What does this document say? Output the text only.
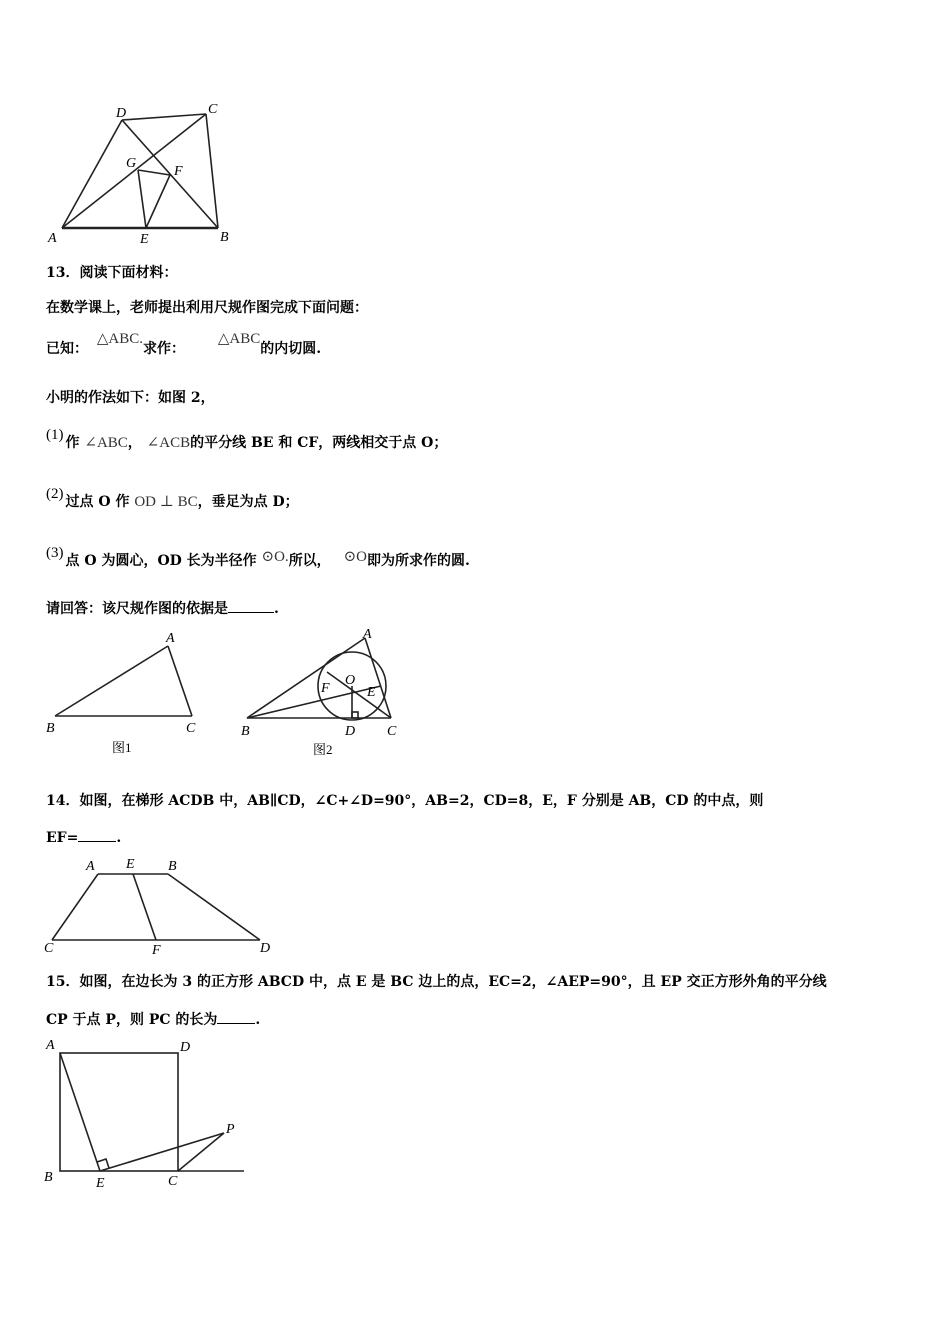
A	B
C
D
E
F
G
13．阅读下面材料：
在数学课上，老师提出利用尺规作图完成下面问题：
已知： △ABC.求作： △ABC的内切圆.
小明的作法如下：如图 2，
(1) 作 ∠ABC， ∠ACB的平分线 BE 和 CF，两线相交于点 O；
(2) 过点 O 作 OD ⊥ BC，垂足为点 D；
(3) 点 O 为圆心，OD 长为半径作 ⊙O.所以， ⊙O即为所求作的圆.
请回答：该尺规作图的依据是	.
A
B	C
图1
A
B	C
D
E
F
O
图2
14．如图，在梯形 ACDB 中，AB∥CD，∠C+∠D=90°，AB=2，CD=8，E，F 分别是 AB，CD 的中点，则
EF=	.
A E B
C	F	D
15．如图，在边长为 3 的正方形 ABCD 中，点 E 是 BC 边上的点，EC=2，∠AEP=90°，且 EP 交正方形外角的平分线
CP 于点 P，则 PC 的长为	.
A	D
B	E	C
P
